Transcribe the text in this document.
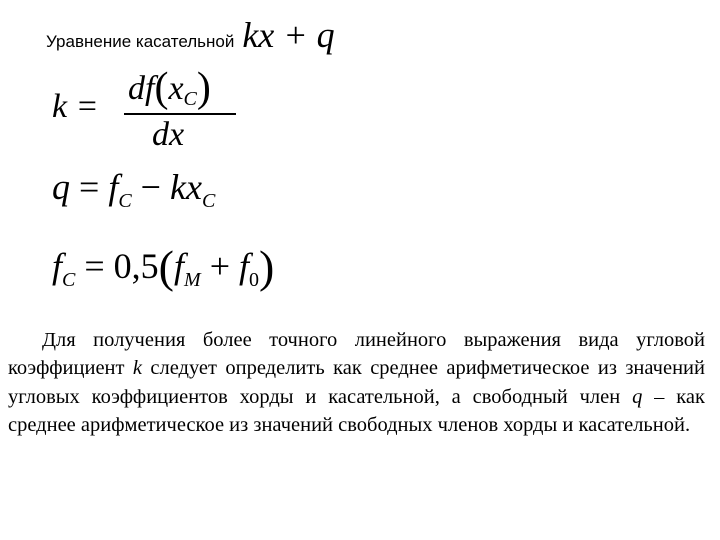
Уравнение касательной kx + q
$k = df(x_C)$
dx
$q = f_C - kx_C$
$f_C = 0,5(f_M + f_0)$

Для получения более точного линейного выражения вида угловой коэффициент k следует определить как среднее арифметическое из значений угловых коэффициентов хорды и касательной, а свободный член q – как среднее арифметическое из значений свободных членов хорды и касательной.
